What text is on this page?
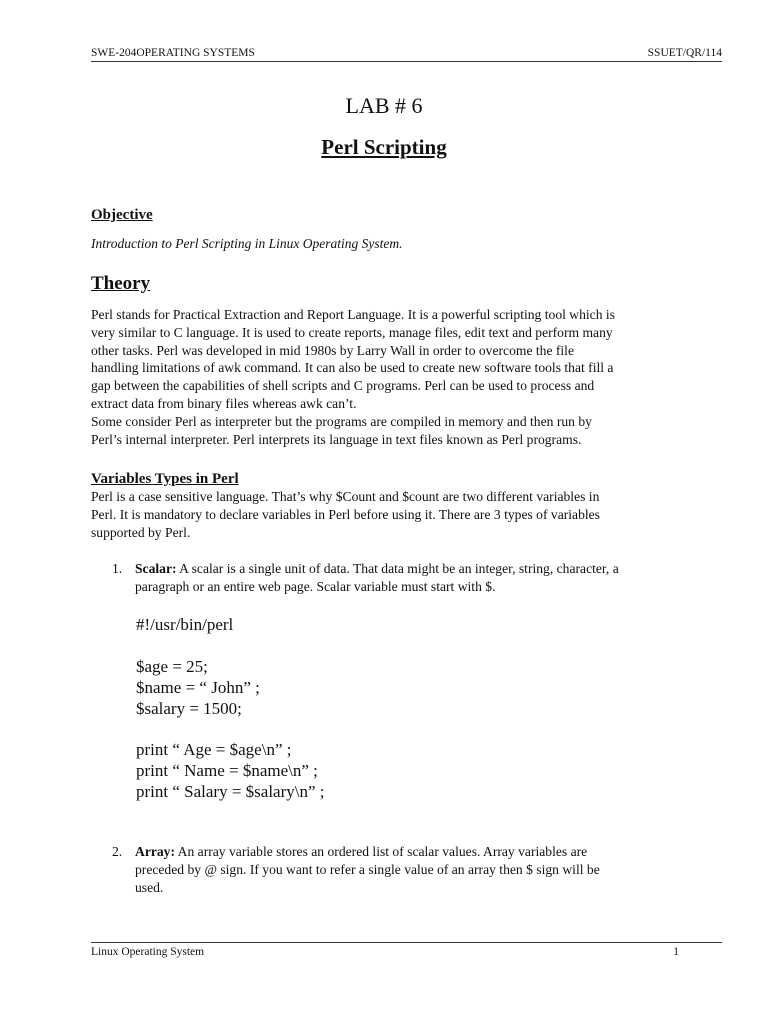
SWE-204OPERATING SYSTEMS	SSUET/QR/114
LAB # 6
Perl Scripting
Objective
Introduction to Perl Scripting in Linux Operating System.
Theory
Perl stands for Practical Extraction and Report Language. It is a powerful scripting tool which is
very similar to C language. It is used to create reports, manage files, edit text and perform many
other tasks. Perl was developed in mid 1980s by Larry Wall in order to overcome the file
handling limitations of awk command. It can also be used to create new software tools that fill a
gap between the capabilities of shell scripts and C programs. Perl can be used to process and
extract data from binary files whereas awk can’t.
Some consider Perl as interpreter but the programs are compiled in memory and then run by
Perl’s internal interpreter. Perl interprets its language in text files known as Perl programs.
Variables Types in Perl
Perl is a case sensitive language. That’s why $Count and $count are two different variables in
Perl. It is mandatory to declare variables in Perl before using it. There are 3 types of variables
supported by Perl.
1. Scalar: A scalar is a single unit of data. That data might be an integer, string, character, a
paragraph or an entire web page. Scalar variable must start with $.
#!/usr/bin/perl
$age = 25;
$name = “ John” ;
$salary = 1500;
print “ Age = $age\n” ;
print “ Name = $name\n” ;
print “ Salary = $salary\n” ;
2. Array: An array variable stores an ordered list of scalar values. Array variables are
preceded by @ sign. If you want to refer a single value of an array then $ sign will be
used.
Linux Operating System	1
